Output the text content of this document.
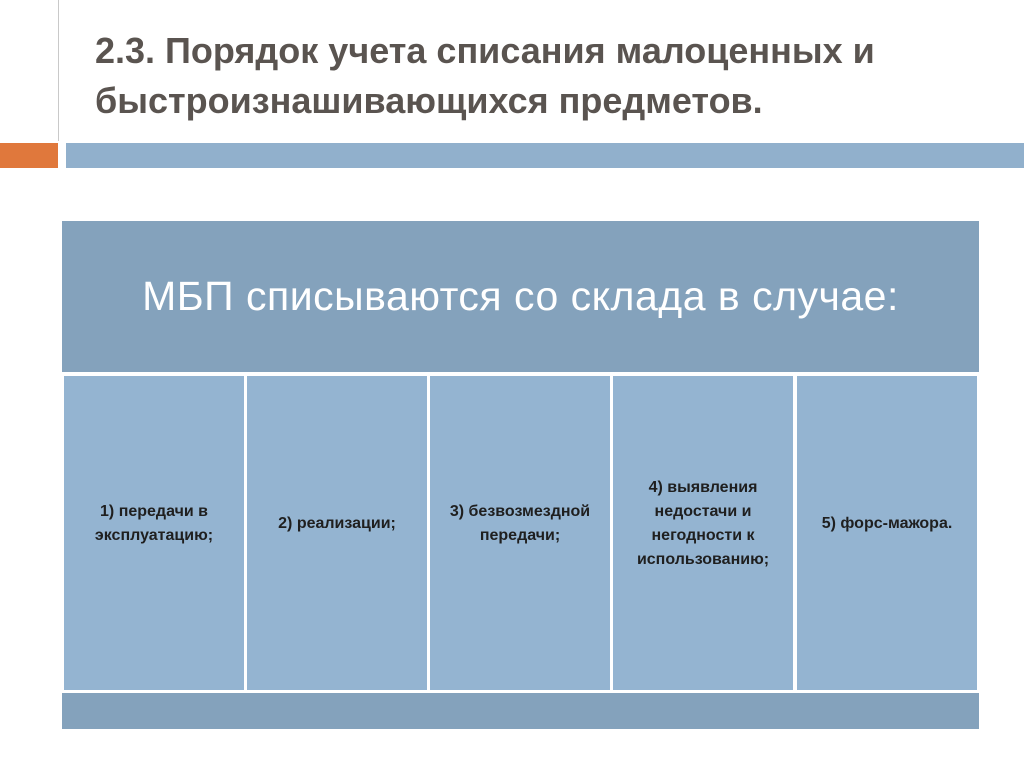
2.3. Порядок учета списания малоценных и быстроизнашивающихся предметов.
МБП списываются со склада в случае:
1) передачи в эксплуатацию;
2) реализации;
3) безвозмездной передачи;
4) выявления недостачи и негодности к использованию;
5) форс-мажора.
